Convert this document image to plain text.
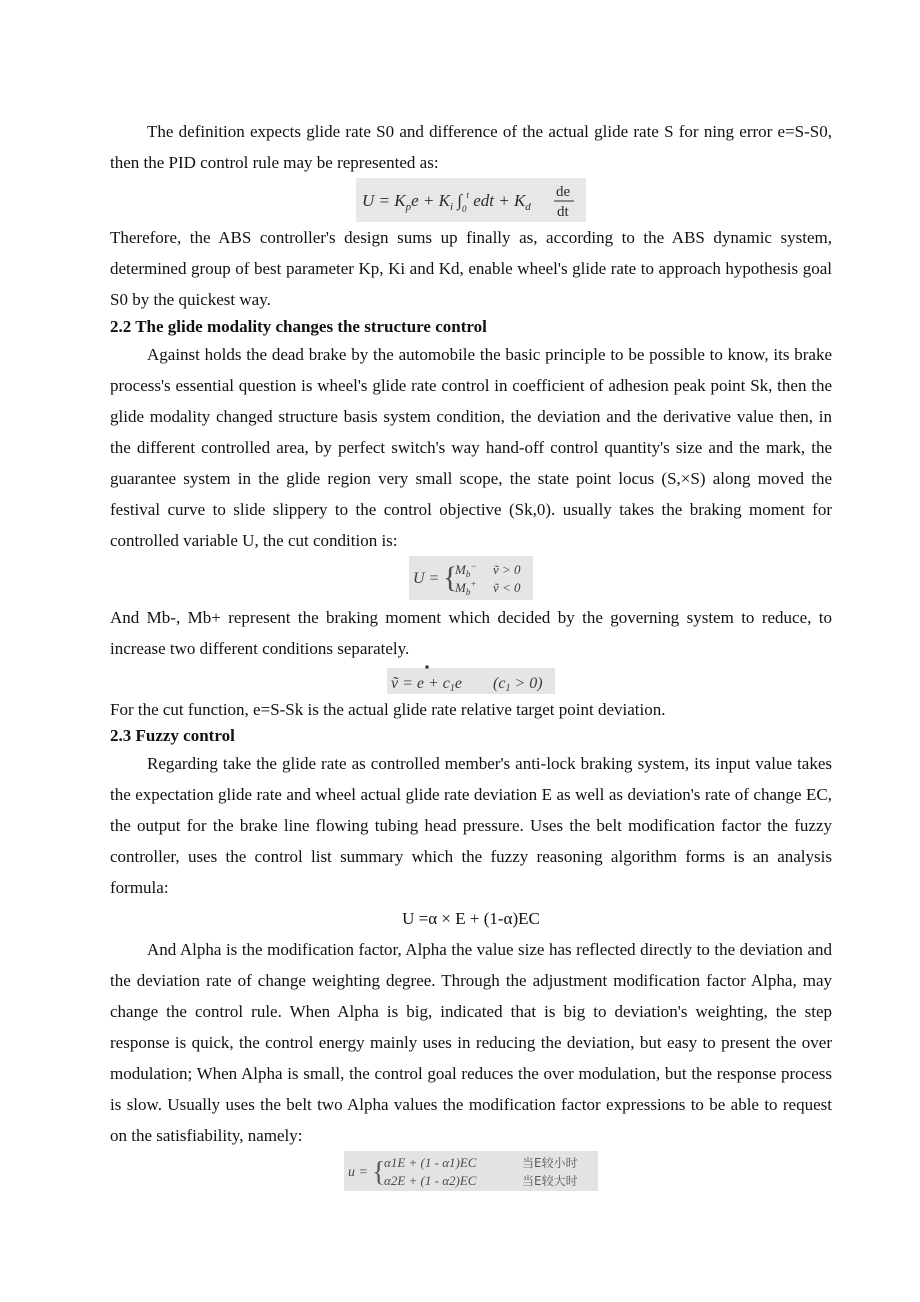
The definition expects glide rate S0 and difference of the actual glide rate S for ning error e=S-S0, then the PID control rule may be represented as:

$U = K_pe + K_i$ $\int_0^t$ edt + $K_d$
de
dt

Therefore, the ABS controller's design sums up finally as, according to the ABS dynamic system, determined group of best parameter Kp, Ki and Kd, enable wheel's glide rate to approach hypothesis goal S0 by the quickest way.

2.2 The glide modality changes the structure control

Against holds the dead brake by the automobile the basic principle to be possible to know, its brake process's essential question is wheel's glide rate control in coefficient of adhesion peak point Sk, then the glide modality changed structure basis system condition, the deviation and the derivative value then, in the different controlled area, by perfect switch's way hand-off control quantity's size and the mark, the guarantee system in the glide region very small scope, the state point locus (S,×S) along moved the festival curve to slide slippery to the control objective (Sk,0). usually takes the braking moment for controlled variable U, the cut condition is:

U = {
$M_b^-$ ṽ > 0
$M_b^+$ ṽ < 0

And Mb-, Mb+ represent the braking moment which decided by the governing system to reduce, to increase two different conditions separately.

ṽ = e + c1e (c1 > 0)

For the cut function, e=S-Sk is the actual glide rate relative target point deviation.

2.3 Fuzzy control

Regarding take the glide rate as controlled member's anti-lock braking system, its input value takes the expectation glide rate and wheel actual glide rate deviation E as well as deviation's rate of change EC, the output for the brake line flowing tubing head pressure. Uses the belt modification factor the fuzzy controller, uses the control list summary which the fuzzy reasoning algorithm forms is an analysis formula:

U =α × E + (1-α)EC

And Alpha is the modification factor, Alpha the value size has reflected directly to the deviation and the deviation rate of change weighting degree. Through the adjustment modification factor Alpha, may change the control rule. When Alpha is big, indicated that is big to deviation's weighting, the step response is quick, the control energy mainly uses in reducing the deviation, but easy to present the over modulation; When Alpha is small, the control goal reduces the over modulation, but the response process is slow. Usually uses the belt two Alpha values the modification factor expressions to be able to request on the satisfiability, namely:

u = {
α1E + (1 - α1)EC	当E较小时
α2E + (1 - α2)EC	当E较大时
